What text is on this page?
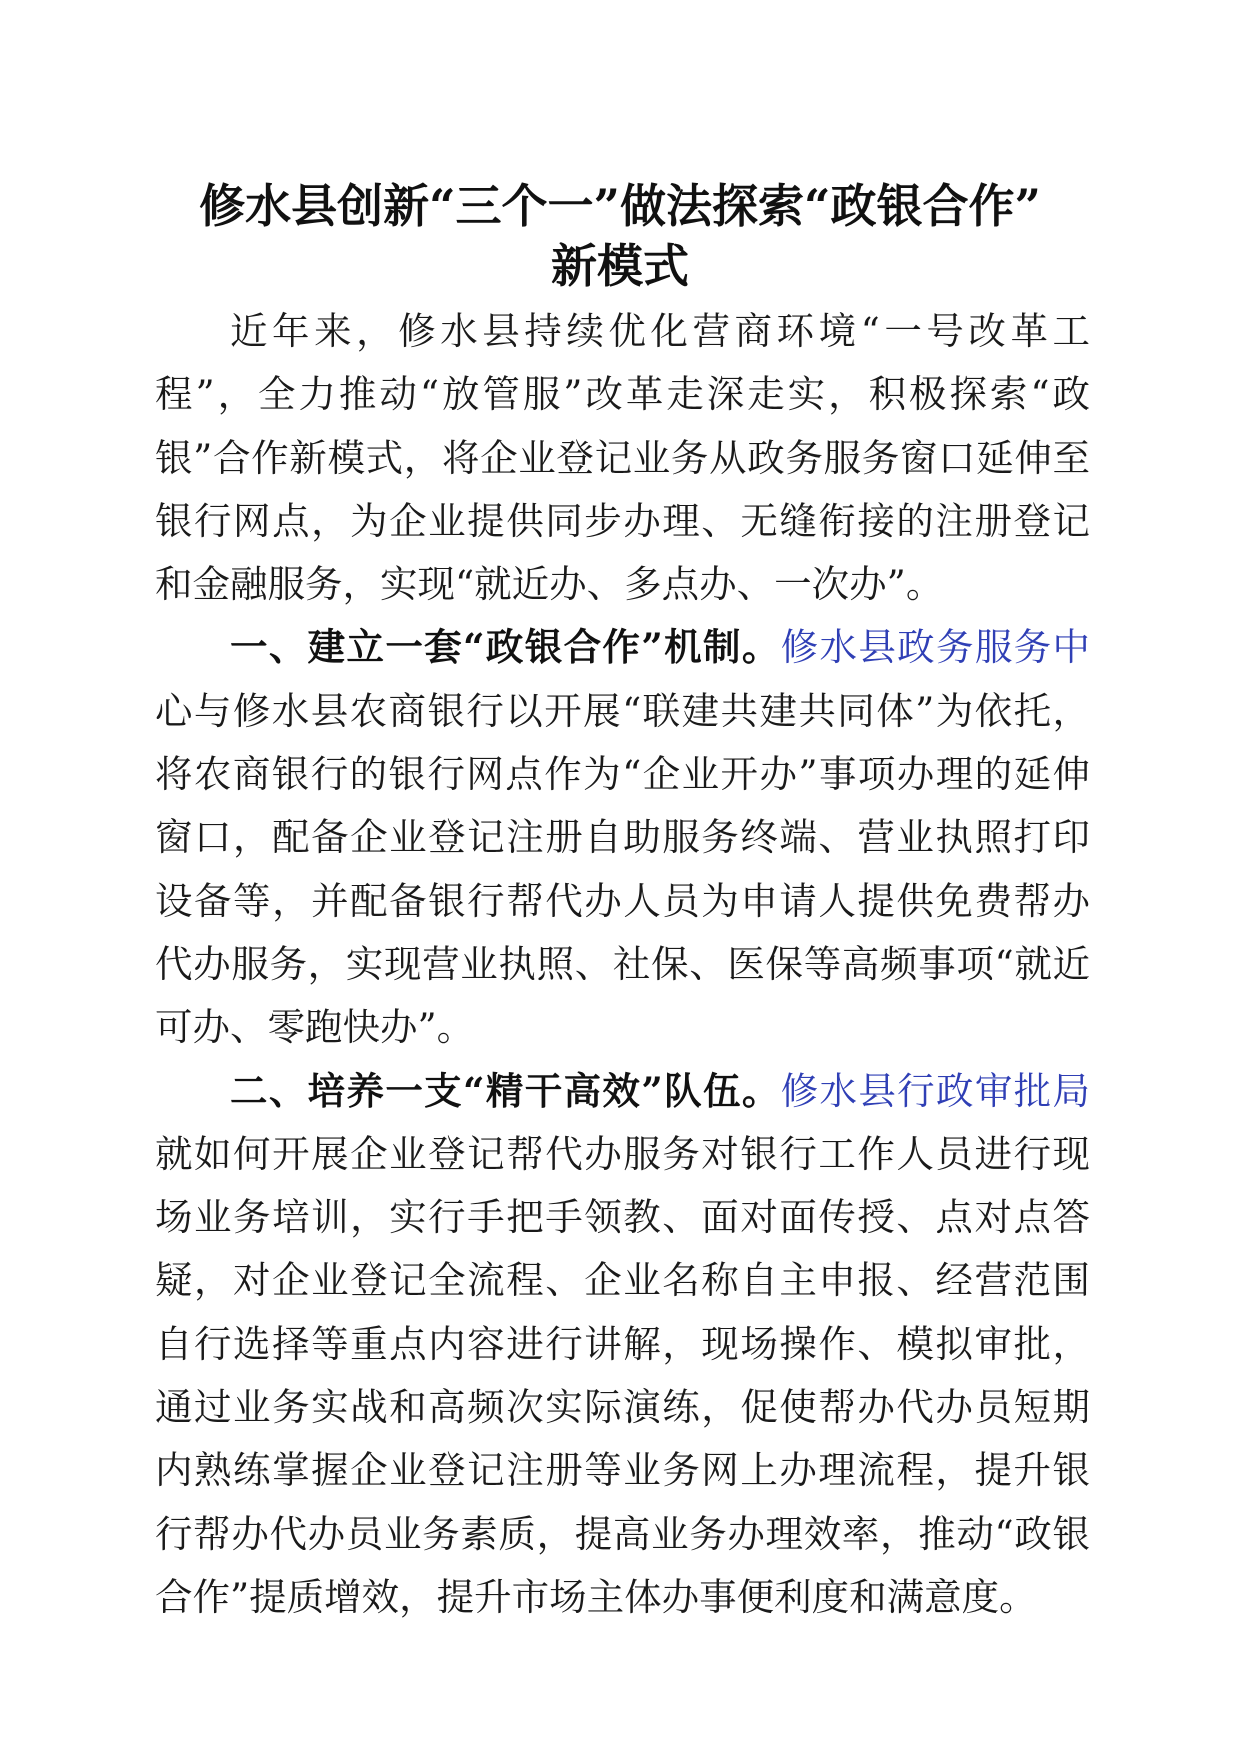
修水县创新“三个一”做法探索“政银合作”
新模式

近年来，修水县持续优化营商环境“一号改革工程”，全力推动“放管服”改革走深走实，积极探索“政银”合作新模式，将企业登记业务从政务服务窗口延伸至银行网点，为企业提供同步办理、无缝衔接的注册登记和金融服务，实现“就近办、多点办、一次办”。

一、建立一套“政银合作”机制。修水县政务服务中心与修水县农商银行以开展“联建共建共同体”为依托，将农商银行的银行网点作为“企业开办”事项办理的延伸窗口，配备企业登记注册自助服务终端、营业执照打印设备等，并配备银行帮代办人员为申请人提供免费帮办代办服务，实现营业执照、社保、医保等高频事项“就近可办、零跑快办”。

二、培养一支“精干高效”队伍。修水县行政审批局就如何开展企业登记帮代办服务对银行工作人员进行现场业务培训，实行手把手领教、面对面传授、点对点答疑，对企业登记全流程、企业名称自主申报、经营范围自行选择等重点内容进行讲解，现场操作、模拟审批，通过业务实战和高频次实际演练，促使帮办代办员短期内熟练掌握企业登记注册等业务网上办理流程，提升银行帮办代办员业务素质，提高业务办理效率，推动“政银合作”提质增效，提升市场主体办事便利度和满意度。
